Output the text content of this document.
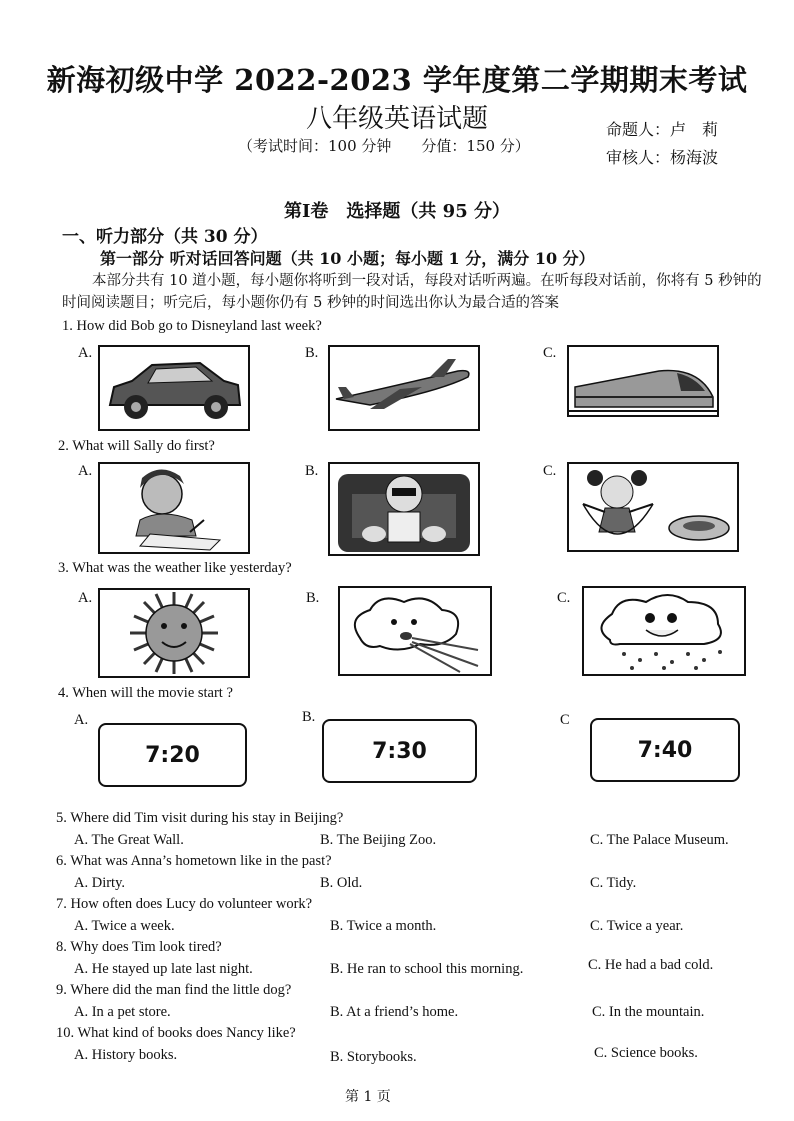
新海初级中学 2022-2023 学年度第二学期期末考试
八年级英语试题
（考试时间：100 分钟　　分值：150 分）
命题人：卢　莉
审核人：杨海波
第Ⅰ卷　选择题（共 95 分）
一、听力部分（共 30 分）
第一部分 听对话回答问题（共 10 小题；每小题 1 分，满分 10 分）
本部分共有 10 道小题，每小题你将听到一段对话，每段对话听两遍。在听每段对话前，你将有 5 秒钟的时间阅读题目；听完后，每小题你仍有 5 秒钟的时间选出你认为最合适的答案
1. How did Bob go to Disneyland last week?
A.	B.	C.
2. What will Sally do first?
A.	B.	C.
3. What was the weather like yesterday?
A.	B.	C.
4. When will the movie start ?
A.
7:20
B.
7:30
C
7:40
5. Where did Tim visit during his stay in Beijing?
A. The Great Wall.	B. The Beijing Zoo.	C. The Palace Museum.
6. What was Anna’s hometown like in the past?
A. Dirty.	B. Old.	C. Tidy.
7. How often does Lucy do volunteer work?
A. Twice a week.	B. Twice a month.	C. Twice a year.
8. Why does Tim look tired?
A. He stayed up late last night.	B. He ran to school this morning.	C. He had a bad cold.
9. Where did the man find the little dog?
A. In a pet store.	B. At a friend’s home.	C. In the mountain.
10. What kind of books does Nancy like?
A. History books.	B. Storybooks.	C. Science books.
第 1 页
